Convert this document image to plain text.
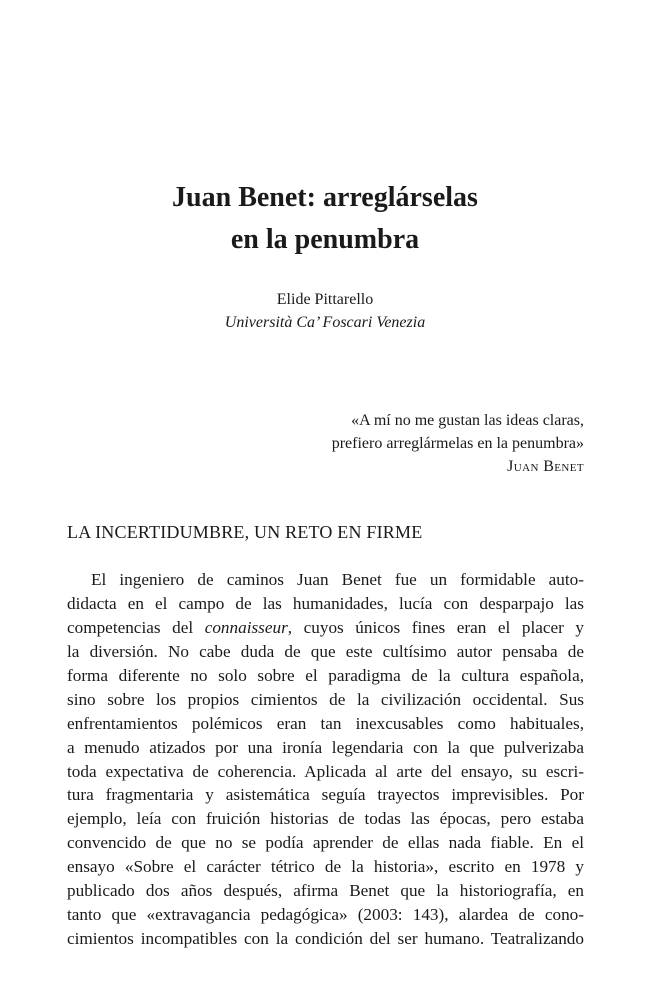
Juan Benet: arreglárselas
en la penumbra
Elide Pittarello
Università Ca’ Foscari Venezia
«A mí no me gustan las ideas claras,
prefiero arreglármelas en la penumbra»
Juan Benet
LA INCERTIDUMBRE, UN RETO EN FIRME
El ingeniero de caminos Juan Benet fue un formidable auto-
didacta en el campo de las humanidades, lucía con desparpajo las
competencias del connaisseur, cuyos únicos fines eran el placer y
la diversión. No cabe duda de que este cultísimo autor pensaba de
forma diferente no solo sobre el paradigma de la cultura española,
sino sobre los propios cimientos de la civilización occidental. Sus
enfrentamientos polémicos eran tan inexcusables como habituales,
a menudo atizados por una ironía legendaria con la que pulverizaba
toda expectativa de coherencia. Aplicada al arte del ensayo, su escri-
tura fragmentaria y asistemática seguía trayectos imprevisibles. Por
ejemplo, leía con fruición historias de todas las épocas, pero estaba
convencido de que no se podía aprender de ellas nada fiable. En el
ensayo «Sobre el carácter tétrico de la historia», escrito en 1978 y
publicado dos años después, afirma Benet que la historiografía, en
tanto que «extravagancia pedagógica» (2003: 143), alardea de cono-
cimientos incompatibles con la condición del ser humano. Teatralizando
